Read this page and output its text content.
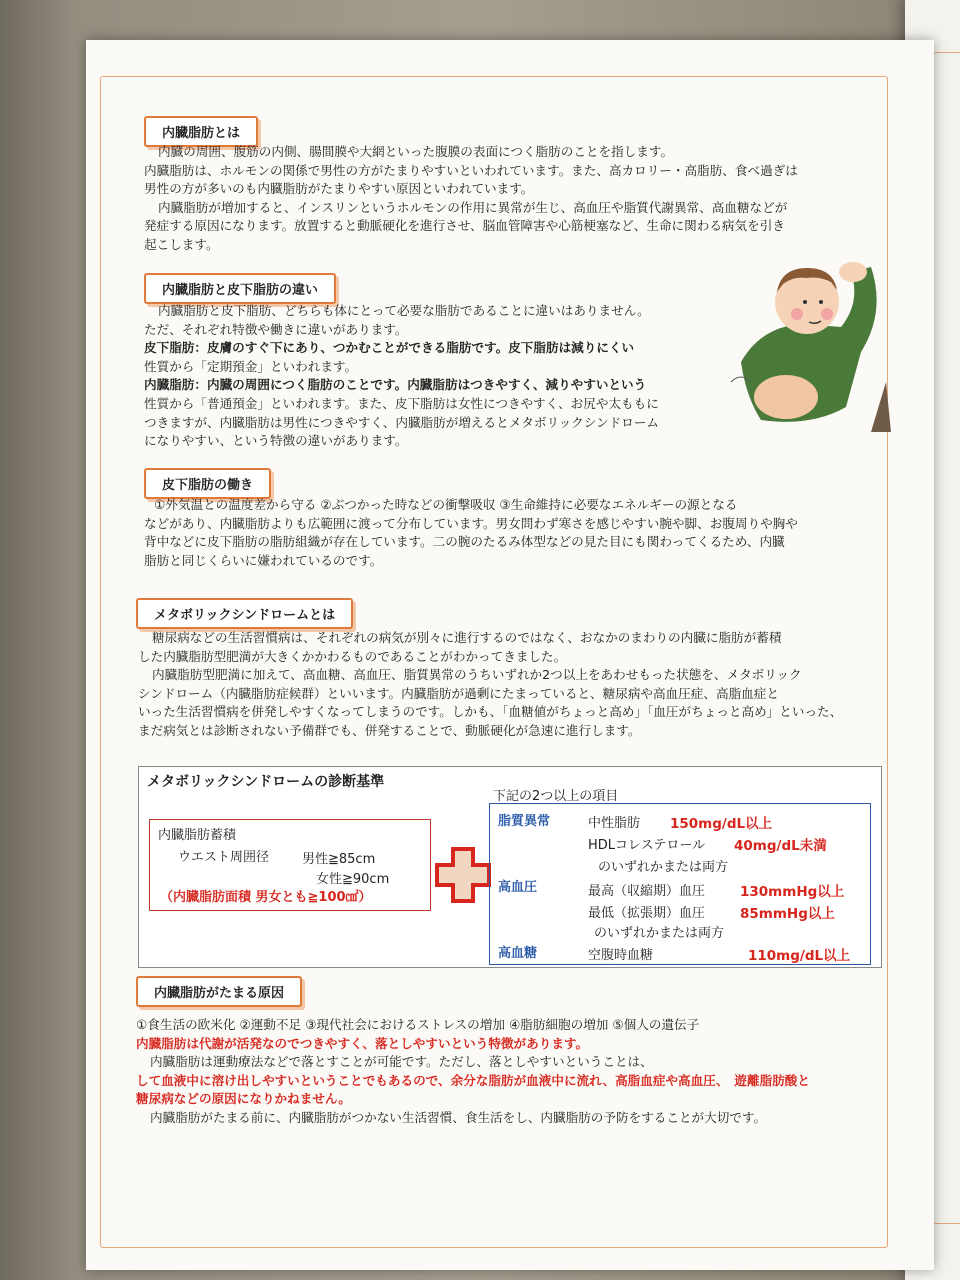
内臓脂肪とは
内臓の周囲、腹筋の内側、腸間膜や大網といった腹膜の表面につく脂肪のことを指します。
内臓脂肪は、ホルモンの関係で男性の方がたまりやすいといわれています。また、高カロリー・高脂肪、食べ過ぎは
男性の方が多いのも内臓脂肪がたまりやすい原因といわれています。
内臓脂肪が増加すると、インスリンというホルモンの作用に異常が生じ、高血圧や脂質代謝異常、高血糖などが
発症する原因になります。放置すると動脈硬化を進行させ、脳血管障害や心筋梗塞など、生命に関わる病気を引き
起こします。
内臓脂肪と皮下脂肪の違い
内臓脂肪と皮下脂肪、どちらも体にとって必要な脂肪であることに違いはありません。
ただ、それぞれ特徴や働きに違いがあります。
皮下脂肪：皮膚のすぐ下にあり、つかむことができる脂肪です。皮下脂肪は減りにくい
性質から「定期預金」といわれます。
内臓脂肪：内臓の周囲につく脂肪のことです。内臓脂肪はつきやすく、減りやすいという
性質から「普通預金」といわれます。また、皮下脂肪は女性につきやすく、お尻や太ももに
つきますが、内臓脂肪は男性につきやすく、内臓脂肪が増えるとメタボリックシンドローム
になりやすい、という特徴の違いがあります。
皮下脂肪の働き
①外気温との温度差から守る ②ぶつかった時などの衝撃吸収 ③生命維持に必要なエネルギーの源となる
などがあり、内臓脂肪よりも広範囲に渡って分布しています。男女問わず寒さを感じやすい腕や脚、お腹周りや胸や
背中などに皮下脂肪の脂肪組織が存在しています。二の腕のたるみ体型などの見た目にも関わってくるため、内臓
脂肪と同じくらいに嫌われているのです。
メタボリックシンドロームとは
糖尿病などの生活習慣病は、それぞれの病気が別々に進行するのではなく、おなかのまわりの内臓に脂肪が蓄積
した内臓脂肪型肥満が大きくかかわるものであることがわかってきました。
内臓脂肪型肥満に加えて、高血糖、高血圧、脂質異常のうちいずれか2つ以上をあわせもった状態を、メタボリック
シンドローム（内臓脂肪症候群）といいます。内臓脂肪が過剰にたまっていると、糖尿病や高血圧症、高脂血症と
いった生活習慣病を併発しやすくなってしまうのです。しかも、「血糖値がちょっと高め」「血圧がちょっと高め」といった、
まだ病気とは診断されない予備群でも、併発することで、動脈硬化が急速に進行します。
メタボリックシンドロームの診断基準
内臓脂肪蓄積
ウエスト周囲径	男性≧85cm
女性≧90cm
（内臓脂肪面積 男女とも≧100㎠）
下記の2つ以上の項目
脂質異常	中性脂肪 150mg/dL以上
HDLコレステロール 40mg/dL未満
のいずれかまたは両方
高血圧	最高（収縮期）血圧	130mmHg以上
最低（拡張期）血圧	85mmHg以上
のいずれかまたは両方
高血糖	空腹時血糖	110mg/dL以上
内臓脂肪がたまる原因
①食生活の欧米化 ②運動不足 ③現代社会におけるストレスの増加 ④脂肪細胞の増加 ⑤個人の遺伝子
内臓脂肪は代謝が活発なのでつきやすく、落としやすいという特徴があります。
内臓脂肪は運動療法などで落とすことが可能です。ただし、落としやすいということは、
して血液中に溶け出しやすいということでもあるので、余分な脂肪が血液中に流れ、高脂血症や高血圧、 遊離脂肪酸と
糖尿病などの原因になりかねません。
内臓脂肪がたまる前に、内臓脂肪がつかない生活習慣、食生活をし、内臓脂肪の予防をすることが大切です。
